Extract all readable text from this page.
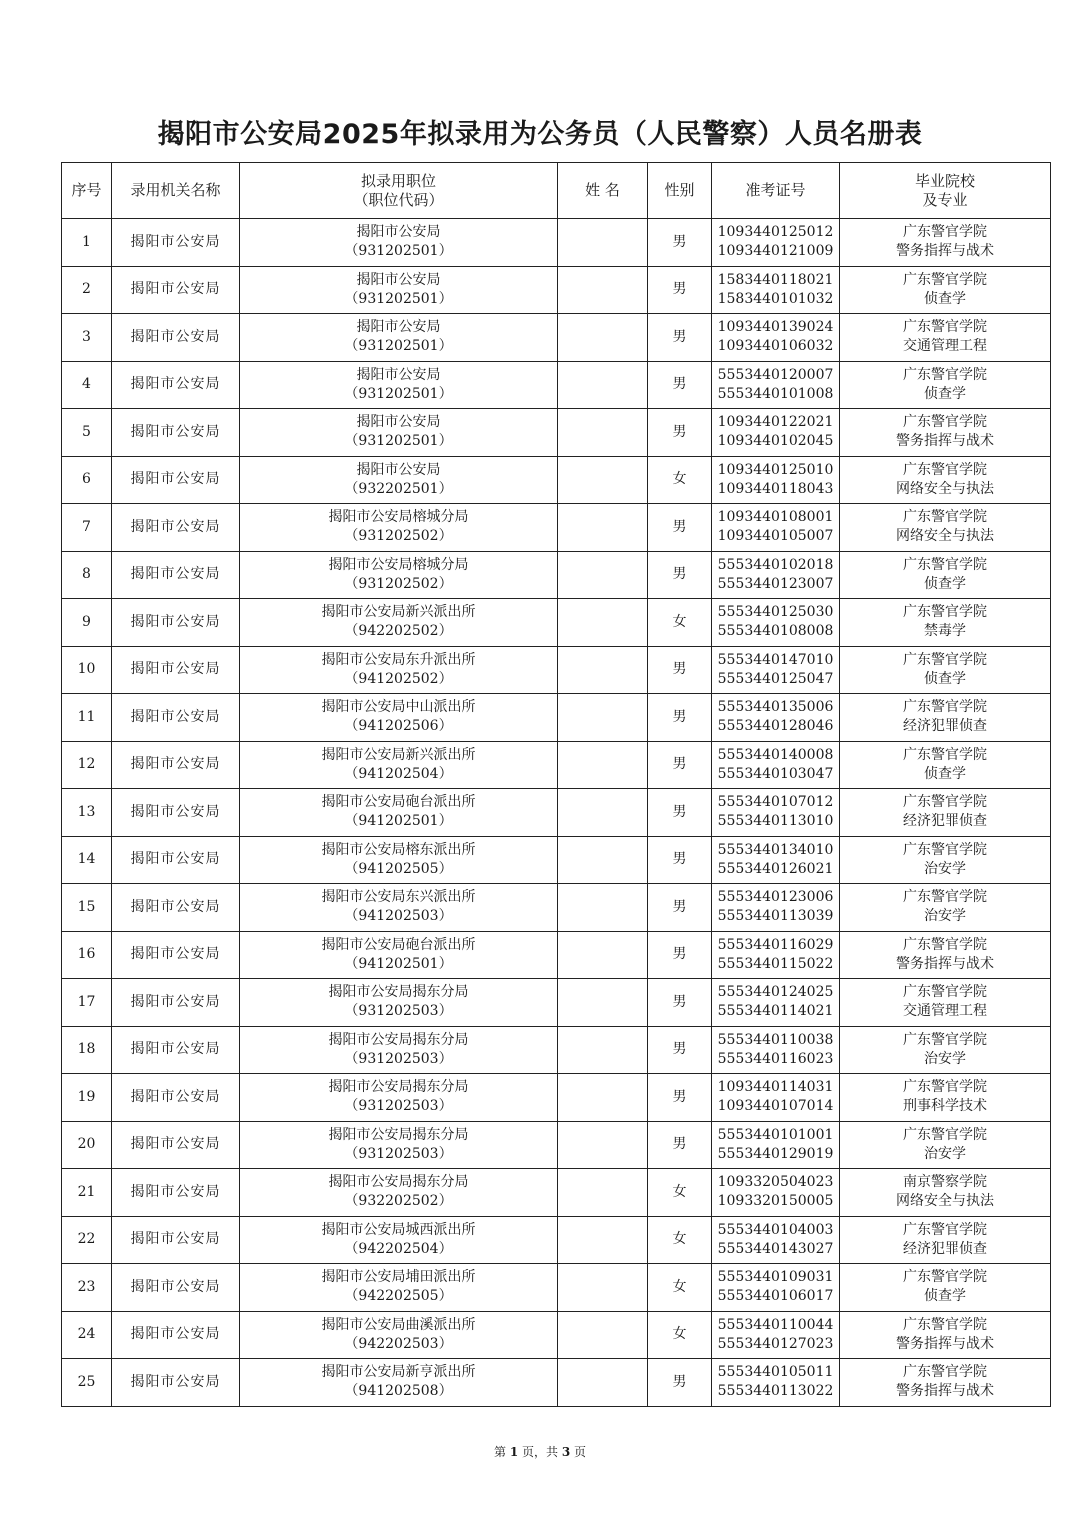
揭阳市公安局2025年拟录用为公务员（人民警察）人员名册表
序号	录用机关名称	拟录用职位
（职位代码）	姓 名	性别	准考证号	毕业院校
及专业
1	揭阳市公安局	揭阳市公安局
（931202501）		男	1093440125012
1093440121009	广东警官学院
警务指挥与战术

2	揭阳市公安局	揭阳市公安局
（931202501）		男	1583440118021
1583440101032	广东警官学院
侦查学

3	揭阳市公安局	揭阳市公安局
（931202501）		男	1093440139024
1093440106032	广东警官学院
交通管理工程

4	揭阳市公安局	揭阳市公安局
（931202501）		男	5553440120007
5553440101008	广东警官学院
侦查学

5	揭阳市公安局	揭阳市公安局
（931202501）		男	1093440122021
1093440102045	广东警官学院
警务指挥与战术

6	揭阳市公安局	揭阳市公安局
（932202501）		女	1093440125010
1093440118043	广东警官学院
网络安全与执法

7	揭阳市公安局	揭阳市公安局榕城分局
（931202502）		男	1093440108001
1093440105007	广东警官学院
网络安全与执法

8	揭阳市公安局	揭阳市公安局榕城分局
（931202502）		男	5553440102018
5553440123007	广东警官学院
侦查学

9	揭阳市公安局	揭阳市公安局新兴派出所
（942202502）		女	5553440125030
5553440108008	广东警官学院
禁毒学

10	揭阳市公安局	揭阳市公安局东升派出所
（941202502）		男	5553440147010
5553440125047	广东警官学院
侦查学

11	揭阳市公安局	揭阳市公安局中山派出所
（941202506）		男	5553440135006
5553440128046	广东警官学院
经济犯罪侦查

12	揭阳市公安局	揭阳市公安局新兴派出所
（941202504）		男	5553440140008
5553440103047	广东警官学院
侦查学

13	揭阳市公安局	揭阳市公安局砲台派出所
（941202501）		男	5553440107012
5553440113010	广东警官学院
经济犯罪侦查

14	揭阳市公安局	揭阳市公安局榕东派出所
（941202505）		男	5553440134010
5553440126021	广东警官学院
治安学

15	揭阳市公安局	揭阳市公安局东兴派出所
（941202503）		男	5553440123006
5553440113039	广东警官学院
治安学

16	揭阳市公安局	揭阳市公安局砲台派出所
（941202501）		男	5553440116029
5553440115022	广东警官学院
警务指挥与战术

17	揭阳市公安局	揭阳市公安局揭东分局
（931202503）		男	5553440124025
5553440114021	广东警官学院
交通管理工程

18	揭阳市公安局	揭阳市公安局揭东分局
（931202503）		男	5553440110038
5553440116023	广东警官学院
治安学

19	揭阳市公安局	揭阳市公安局揭东分局
（931202503）		男	1093440114031
1093440107014	广东警官学院
刑事科学技术

20	揭阳市公安局	揭阳市公安局揭东分局
（931202503）		男	5553440101001
5553440129019	广东警官学院
治安学

21	揭阳市公安局	揭阳市公安局揭东分局
（932202502）		女	1093320504023
1093320150005	南京警察学院
网络安全与执法

22	揭阳市公安局	揭阳市公安局城西派出所
（942202504）		女	5553440104003
5553440143027	广东警官学院
经济犯罪侦查

23	揭阳市公安局	揭阳市公安局埔田派出所
（942202505）		女	5553440109031
5553440106017	广东警官学院
侦查学

24	揭阳市公安局	揭阳市公安局曲溪派出所
（942202503）		女	5553440110044
5553440127023	广东警官学院
警务指挥与战术

25	揭阳市公安局	揭阳市公安局新亨派出所
（941202508）		男	5553440105011
5553440113022	广东警官学院
警务指挥与战术
第 1 页，共 3 页
